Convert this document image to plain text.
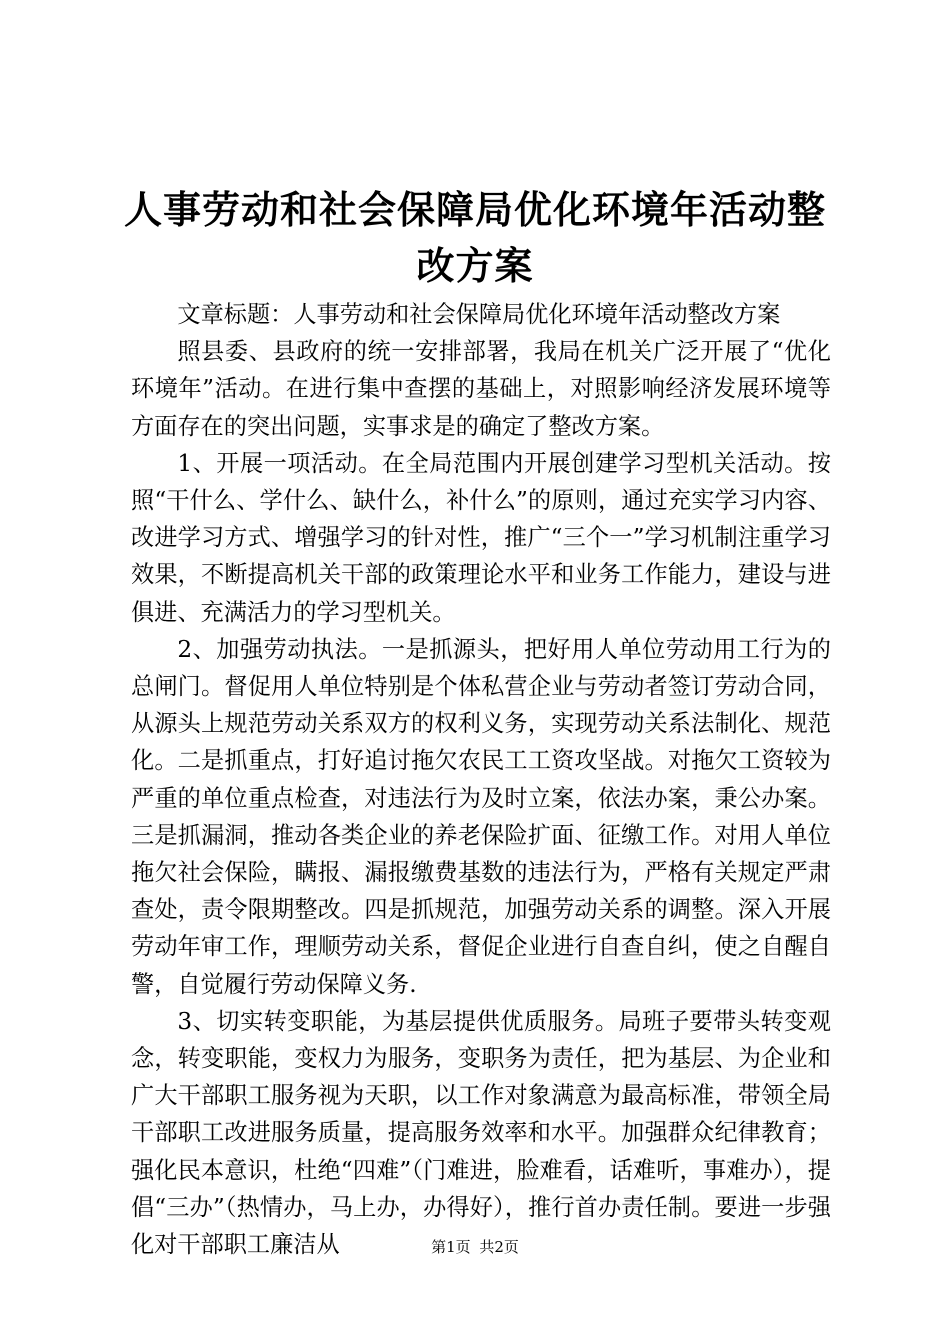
人事劳动和社会保障局优化环境年活动整改方案

文章标题：人事劳动和社会保障局优化环境年活动整改方案

照县委、县政府的统一安排部署，我局在机关广泛开展了“优化环境年”活动。在进行集中查摆的基础上，对照影响经济发展环境等方面存在的突出问题，实事求是的确定了整改方案。

1、开展一项活动。在全局范围内开展创建学习型机关活动。按照“干什么、学什么、缺什么，补什么”的原则，通过充实学习内容、改进学习方式、增强学习的针对性，推广“三个一”学习机制注重学习效果，不断提高机关干部的政策理论水平和业务工作能力，建设与进俱进、充满活力的学习型机关。

2、加强劳动执法。一是抓源头，把好用人单位劳动用工行为的总闸门。督促用人单位特别是个体私营企业与劳动者签订劳动合同，从源头上规范劳动关系双方的权利义务，实现劳动关系法制化、规范化。二是抓重点，打好追讨拖欠农民工工资攻坚战。对拖欠工资较为严重的单位重点检查，对违法行为及时立案，依法办案，秉公办案。三是抓漏洞，推动各类企业的养老保险扩面、征缴工作。对用人单位拖欠社会保险，瞒报、漏报缴费基数的违法行为，严格有关规定严肃查处，责令限期整改。四是抓规范，加强劳动关系的调整。深入开展劳动年审工作，理顺劳动关系，督促企业进行自查自纠，使之自醒自警，自觉履行劳动保障义务.

3、切实转变职能，为基层提供优质服务。局班子要带头转变观念，转变职能，变权力为服务，变职务为责任，把为基层、为企业和广大干部职工服务视为天职，以工作对象满意为最高标准，带领全局干部职工改进服务质量，提高服务效率和水平。加强群众纪律教育；强化民本意识，杜绝“四难”（门难进，脸难看，话难听，事难办），提倡“三办”（热情办，马上办，办得好），推行首办责任制。要进一步强化对干部职工廉洁从	第1页 共2页
